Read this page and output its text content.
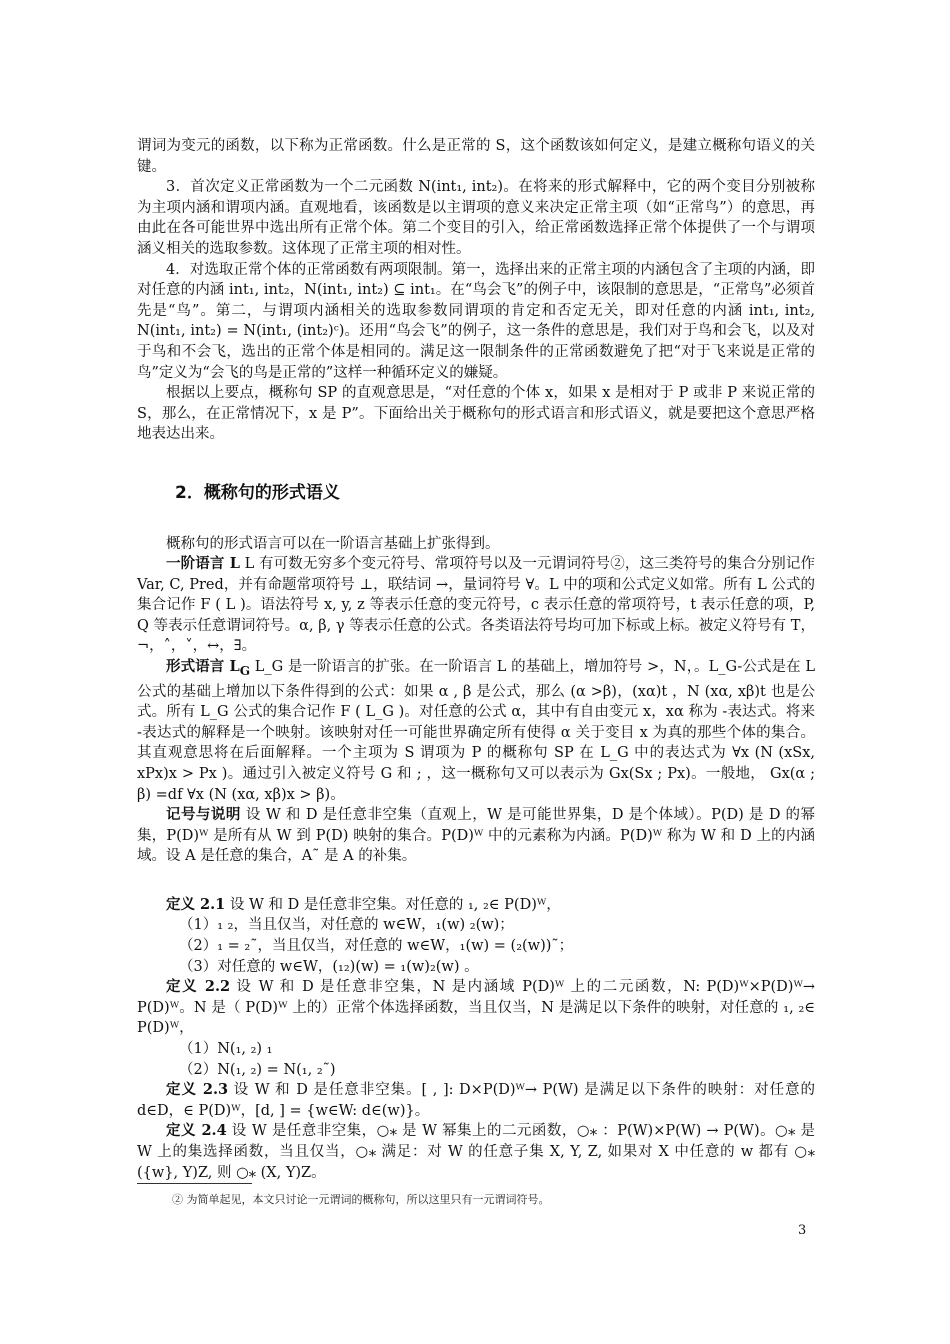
谓词为变元的函数，以下称为正常函数。什么是正常的 S，这个函数该如何定义，是建立概称句语义的关键。

3．首次定义正常函数为一个二元函数 N(int₁, int₂)。在将来的形式解释中，它的两个变目分别被称为主项内涵和谓项内涵。直观地看，该函数是以主谓项的意义来决定正常主项（如“正常鸟”）的意思，再由此在各可能世界中选出所有正常个体。第二个变目的引入，给正常函数选择正常个体提供了一个与谓项涵义相关的选取参数。这体现了正常主项的相对性。

4．对选取正常个体的正常函数有两项限制。第一，选择出来的正常主项的内涵包含了主项的内涵，即对任意的内涵 int₁, int₂，N(int₁, int₂) ⊆ int₁。在“鸟会飞”的例子中，该限制的意思是，“正常鸟”必须首先是“鸟”。第二，与谓项内涵相关的选取参数同谓项的肯定和否定无关，即对任意的内涵 int₁, int₂, N(int₁, int₂) = N(int₁, (int₂)ᶜ)。还用“鸟会飞”的例子，这一条件的意思是，我们对于鸟和会飞，以及对于鸟和不会飞，选出的正常个体是相同的。满足这一限制条件的正常函数避免了把“对于飞来说是正常的鸟”定义为“会飞的鸟是正常的”这样一种循环定义的嫌疑。

根据以上要点，概称句 SP 的直观意思是，“对任意的个体 x，如果 x 是相对于 P 或非 P 来说正常的 S，那么，在正常情况下，x 是 P”。下面给出关于概称句的形式语言和形式语义，就是要把这个意思严格地表达出来。

2．概称句的形式语义

概称句的形式语言可以在一阶语言基础上扩张得到。

一阶语言 L L 有可数无穷多个变元符号、常项符号以及一元谓词符号②，这三类符号的集合分别记作 Var, C, Pred，并有命题常项符号 ⊥，联结词 →，量词符号 ∀。L 中的项和公式定义如常。所有 L 公式的集合记作 F ( L )。语法符号 x, y, z 等表示任意的变元符号，c 表示任意的常项符号，t 表示任意的项，P, Q 等表示任意谓词符号。α, β, γ 等表示任意的公式。各类语法符号均可加下标或上标。被定义符号有 T，¬，˄，˅，↔，∃。

形式语言 $L_G$ L_G 是一阶语言的扩张。在一阶语言 L 的基础上，增加符号 >，N，。L_G-公式是在 L 公式的基础上增加以下条件得到的公式：如果 α , β 是公式，那么 (α >β)，(xα)t ，N (xα, xβ)t 也是公式。所有 L_G 公式的集合记作 F ( L_G )。对任意的公式 α，其中有自由变元 x，xα 称为 -表达式。将来 -表达式的解释是一个映射。该映射对任一可能世界确定所有使得 α 关于变目 x 为真的那些个体的集合。其直观意思将在后面解释。一个主项为 S 谓项为 P 的概称句 SP 在 L_G 中的表达式为 ∀x (N (xSx, xPx)x > Px )。通过引入被定义符号 G 和 ; ，这一概称句又可以表示为 Gx(Sx ; Px)。一般地， Gx(α ; β) =df ∀x (N (xα, xβ)x > β)。

记号与说明 设 W 和 D 是任意非空集（直观上，W 是可能世界集，D 是个体域）。P(D) 是 D 的幂集，P(D)ᵂ 是所有从 W 到 P(D) 映射的集合。P(D)ᵂ 中的元素称为内涵。P(D)ᵂ 称为 W 和 D 上的内涵域。设 A 是任意的集合，A˜ 是 A 的补集。

定义 2.1 设 W 和 D 是任意非空集。对任意的 ₁, ₂∈ P(D)ᵂ，

（1）₁ ₂，当且仅当，对任意的 w∈W，₁(w) ₂(w)；

（2）₁ = ₂˜，当且仅当，对任意的 w∈W，₁(w) = (₂(w))˜；

（3）对任意的 w∈W，(₁₂)(w) = ₁(w)₂(w) 。

定义 2.2 设 W 和 D 是任意非空集，N 是内涵域 P(D)ᵂ 上的二元函数，N: P(D)ᵂ×P(D)ᵂ→ P(D)ᵂ。N 是（ P(D)ᵂ 上的）正常个体选择函数，当且仅当，N 是满足以下条件的映射，对任意的 ₁, ₂∈ P(D)ᵂ，

（1）N(₁, ₂) ₁

（2）N(₁, ₂) = N(₁, ₂˜)

定义 2.3 设 W 和 D 是任意非空集。[ , ]: D×P(D)ᵂ→ P(W) 是满足以下条件的映射：对任意的 d∈D，∈ P(D)ᵂ，[d, ] = {w∈W: d∈(w)}。

定义 2.4 设 W 是任意非空集，○⁎ 是 W 幂集上的二元函数，○⁎ ：P(W)×P(W) → P(W)。○⁎ 是 W 上的集选择函数，当且仅当，○⁎ 满足：对 W 的任意子集 X, Y, Z, 如果对 X 中任意的 w 都有 ○⁎ ({w}, Y)Z, 则 ○⁎ (X, Y)Z。

② 为简单起见，本文只讨论一元谓词的概称句，所以这里只有一元谓词符号。
3
